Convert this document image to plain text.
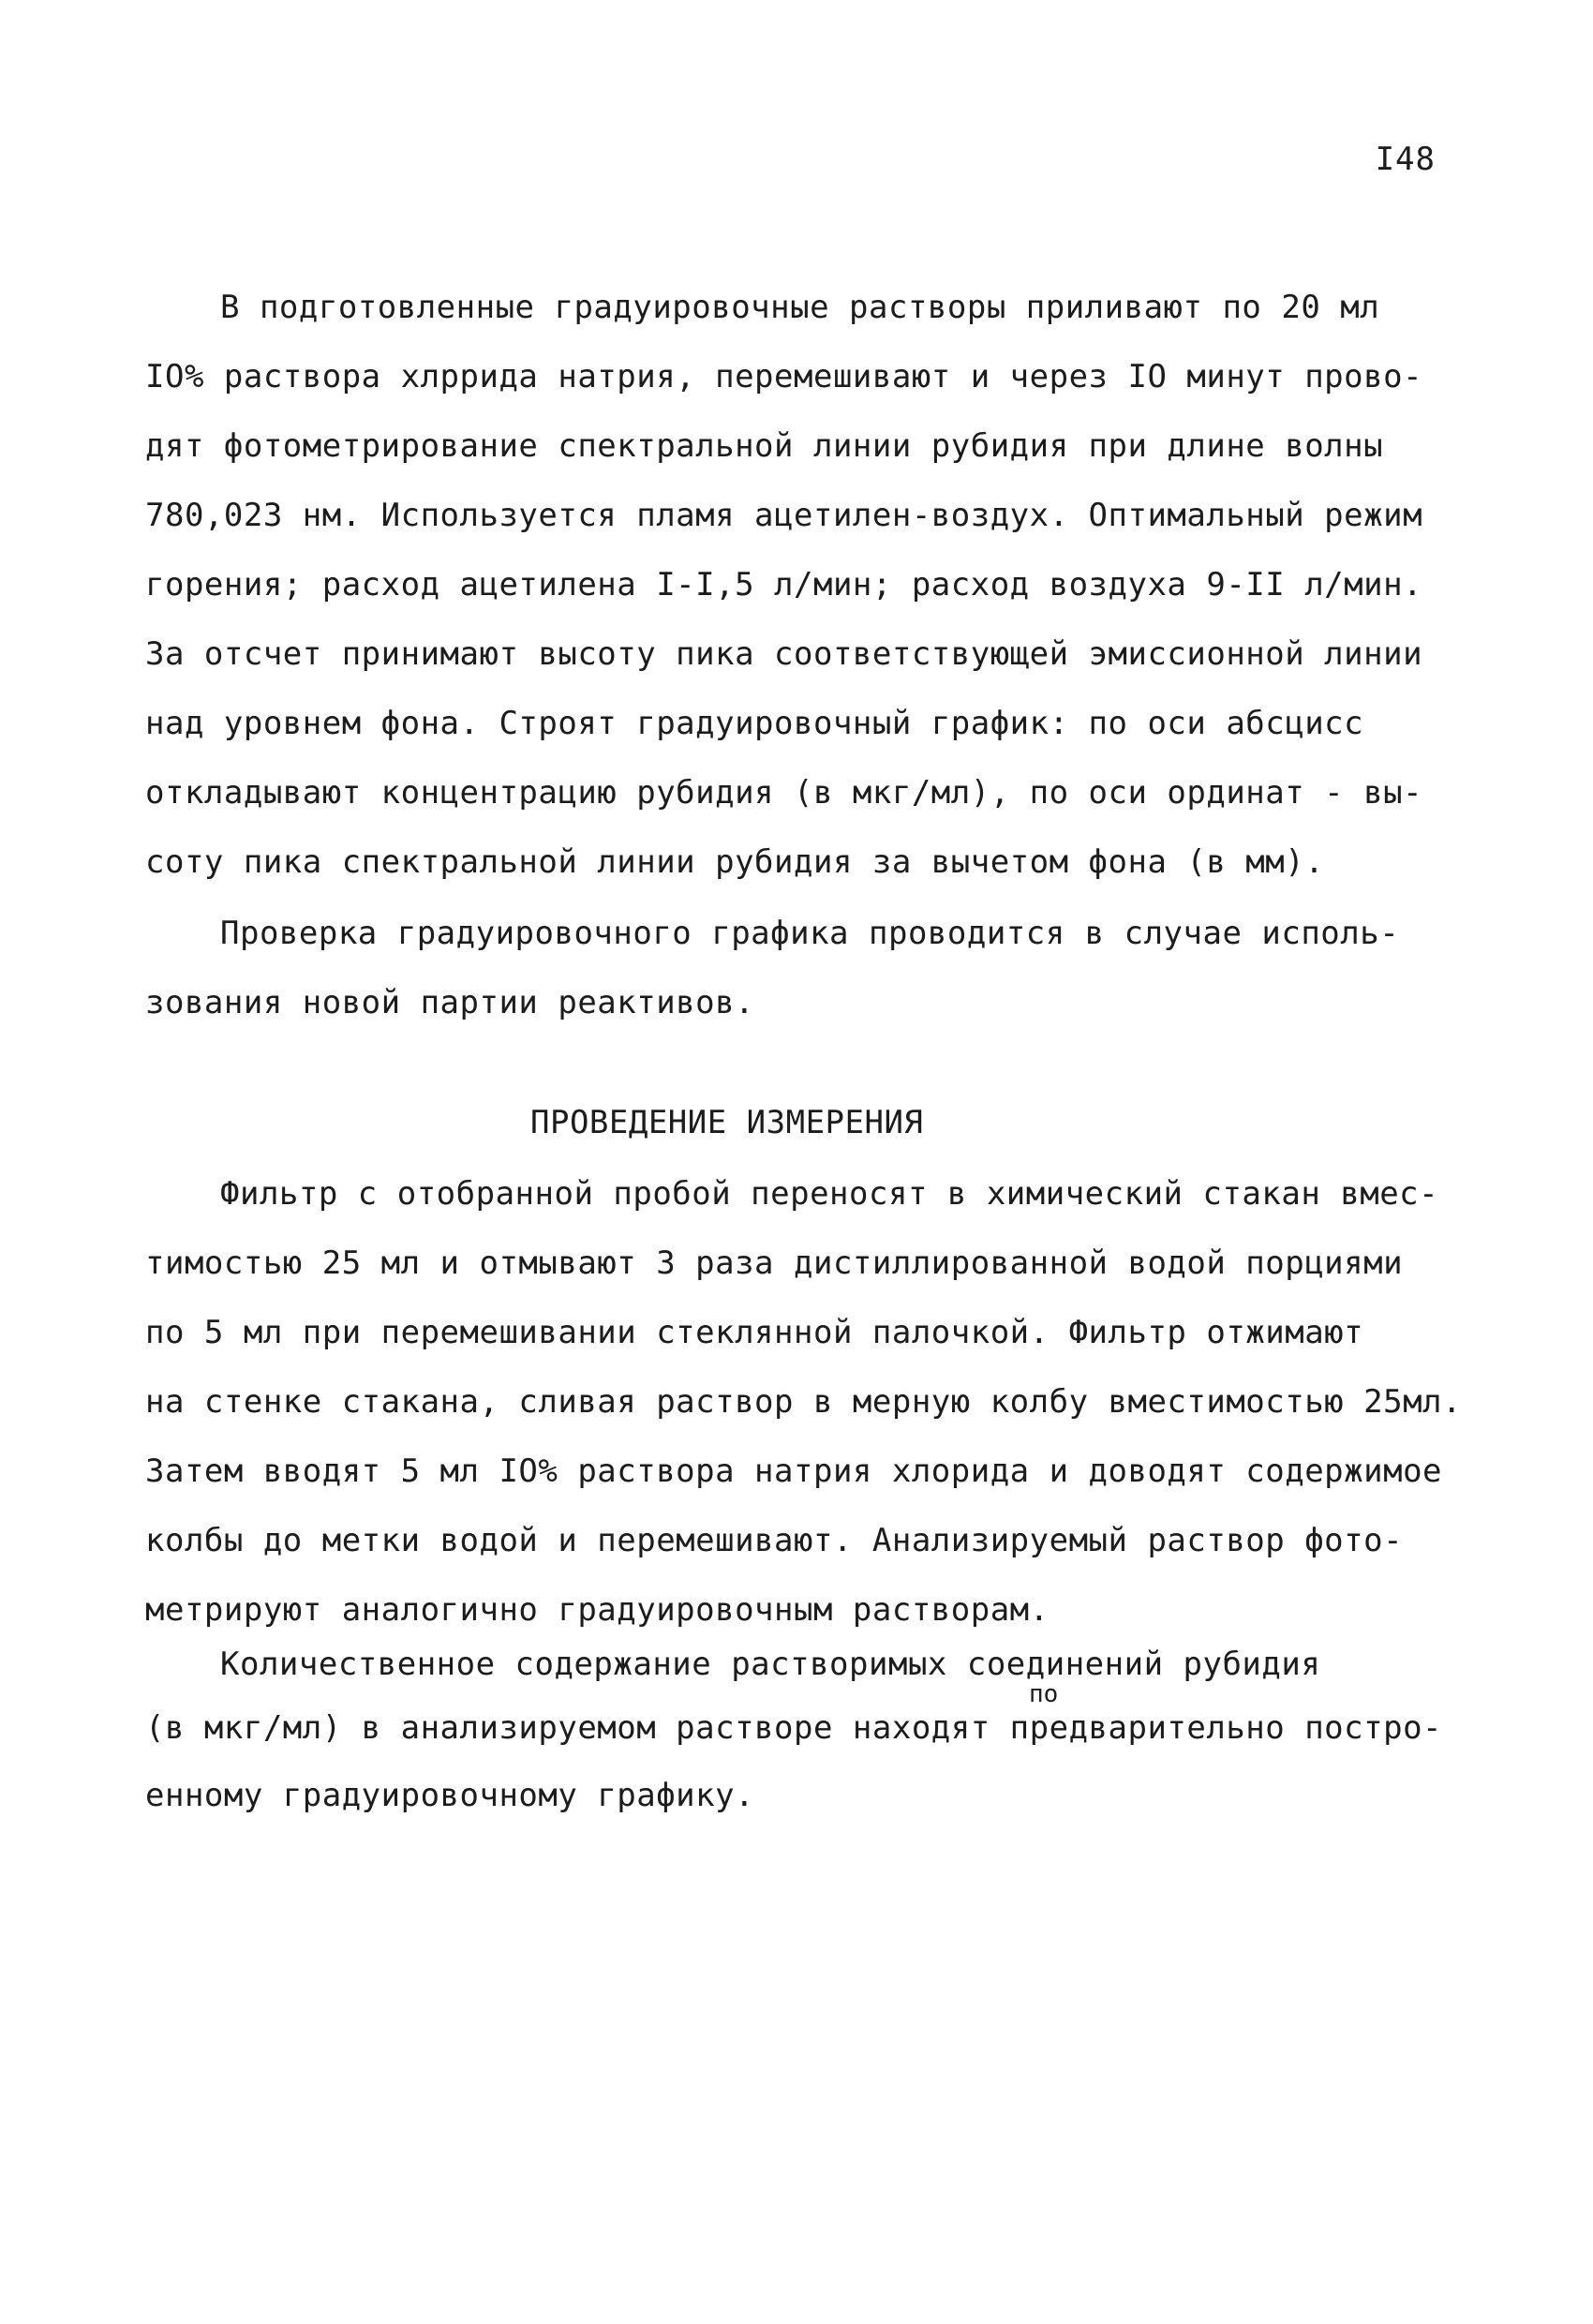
I48
В подготовленные градуировочные растворы приливают по 20 мл
IO% раствора хлррида натрия, перемешивают и через IO минут прово-
дят фотометрирование спектральной линии рубидия при длине волны
780,023 нм. Используется пламя ацетилен-воздух. Оптимальный режим
горения; расход ацетилена I-I,5 л/мин; расход воздуха 9-II л/мин.
За отсчет принимают высоту пика соответствующей эмиссионной линии
над уровнем фона. Строят градуировочный график: по оси абсцисс
откладывают концентрацию рубидия (в мкг/мл), по оси ординат - вы-
соту пика спектральной линии рубидия за вычетом фона (в мм).
Проверка градуировочного графика проводится в случае исполь-
зования новой партии реактивов.
ПРОВЕДЕНИЕ ИЗМЕРЕНИЯ
Фильтр с отобранной пробой переносят в химический стакан вмес-
тимостью 25 мл и отмывают 3 раза дистиллированной водой порциями
по 5 мл при перемешивании стеклянной палочкой. Фильтр отжимают
на стенке стакана, сливая раствор в мерную колбу вместимостью 25мл.
Затем вводят 5 мл IO% раствора натрия хлорида и доводят содержимое
колбы до метки водой и перемешивают. Анализируемый раствор фото-
метрируют аналогично градуировочным растворам.
Количественное содержание растворимых соединений рубидия
по
(в мкг/мл) в анализируемом растворе находят предварительно постро-
енному градуировочному графику.
